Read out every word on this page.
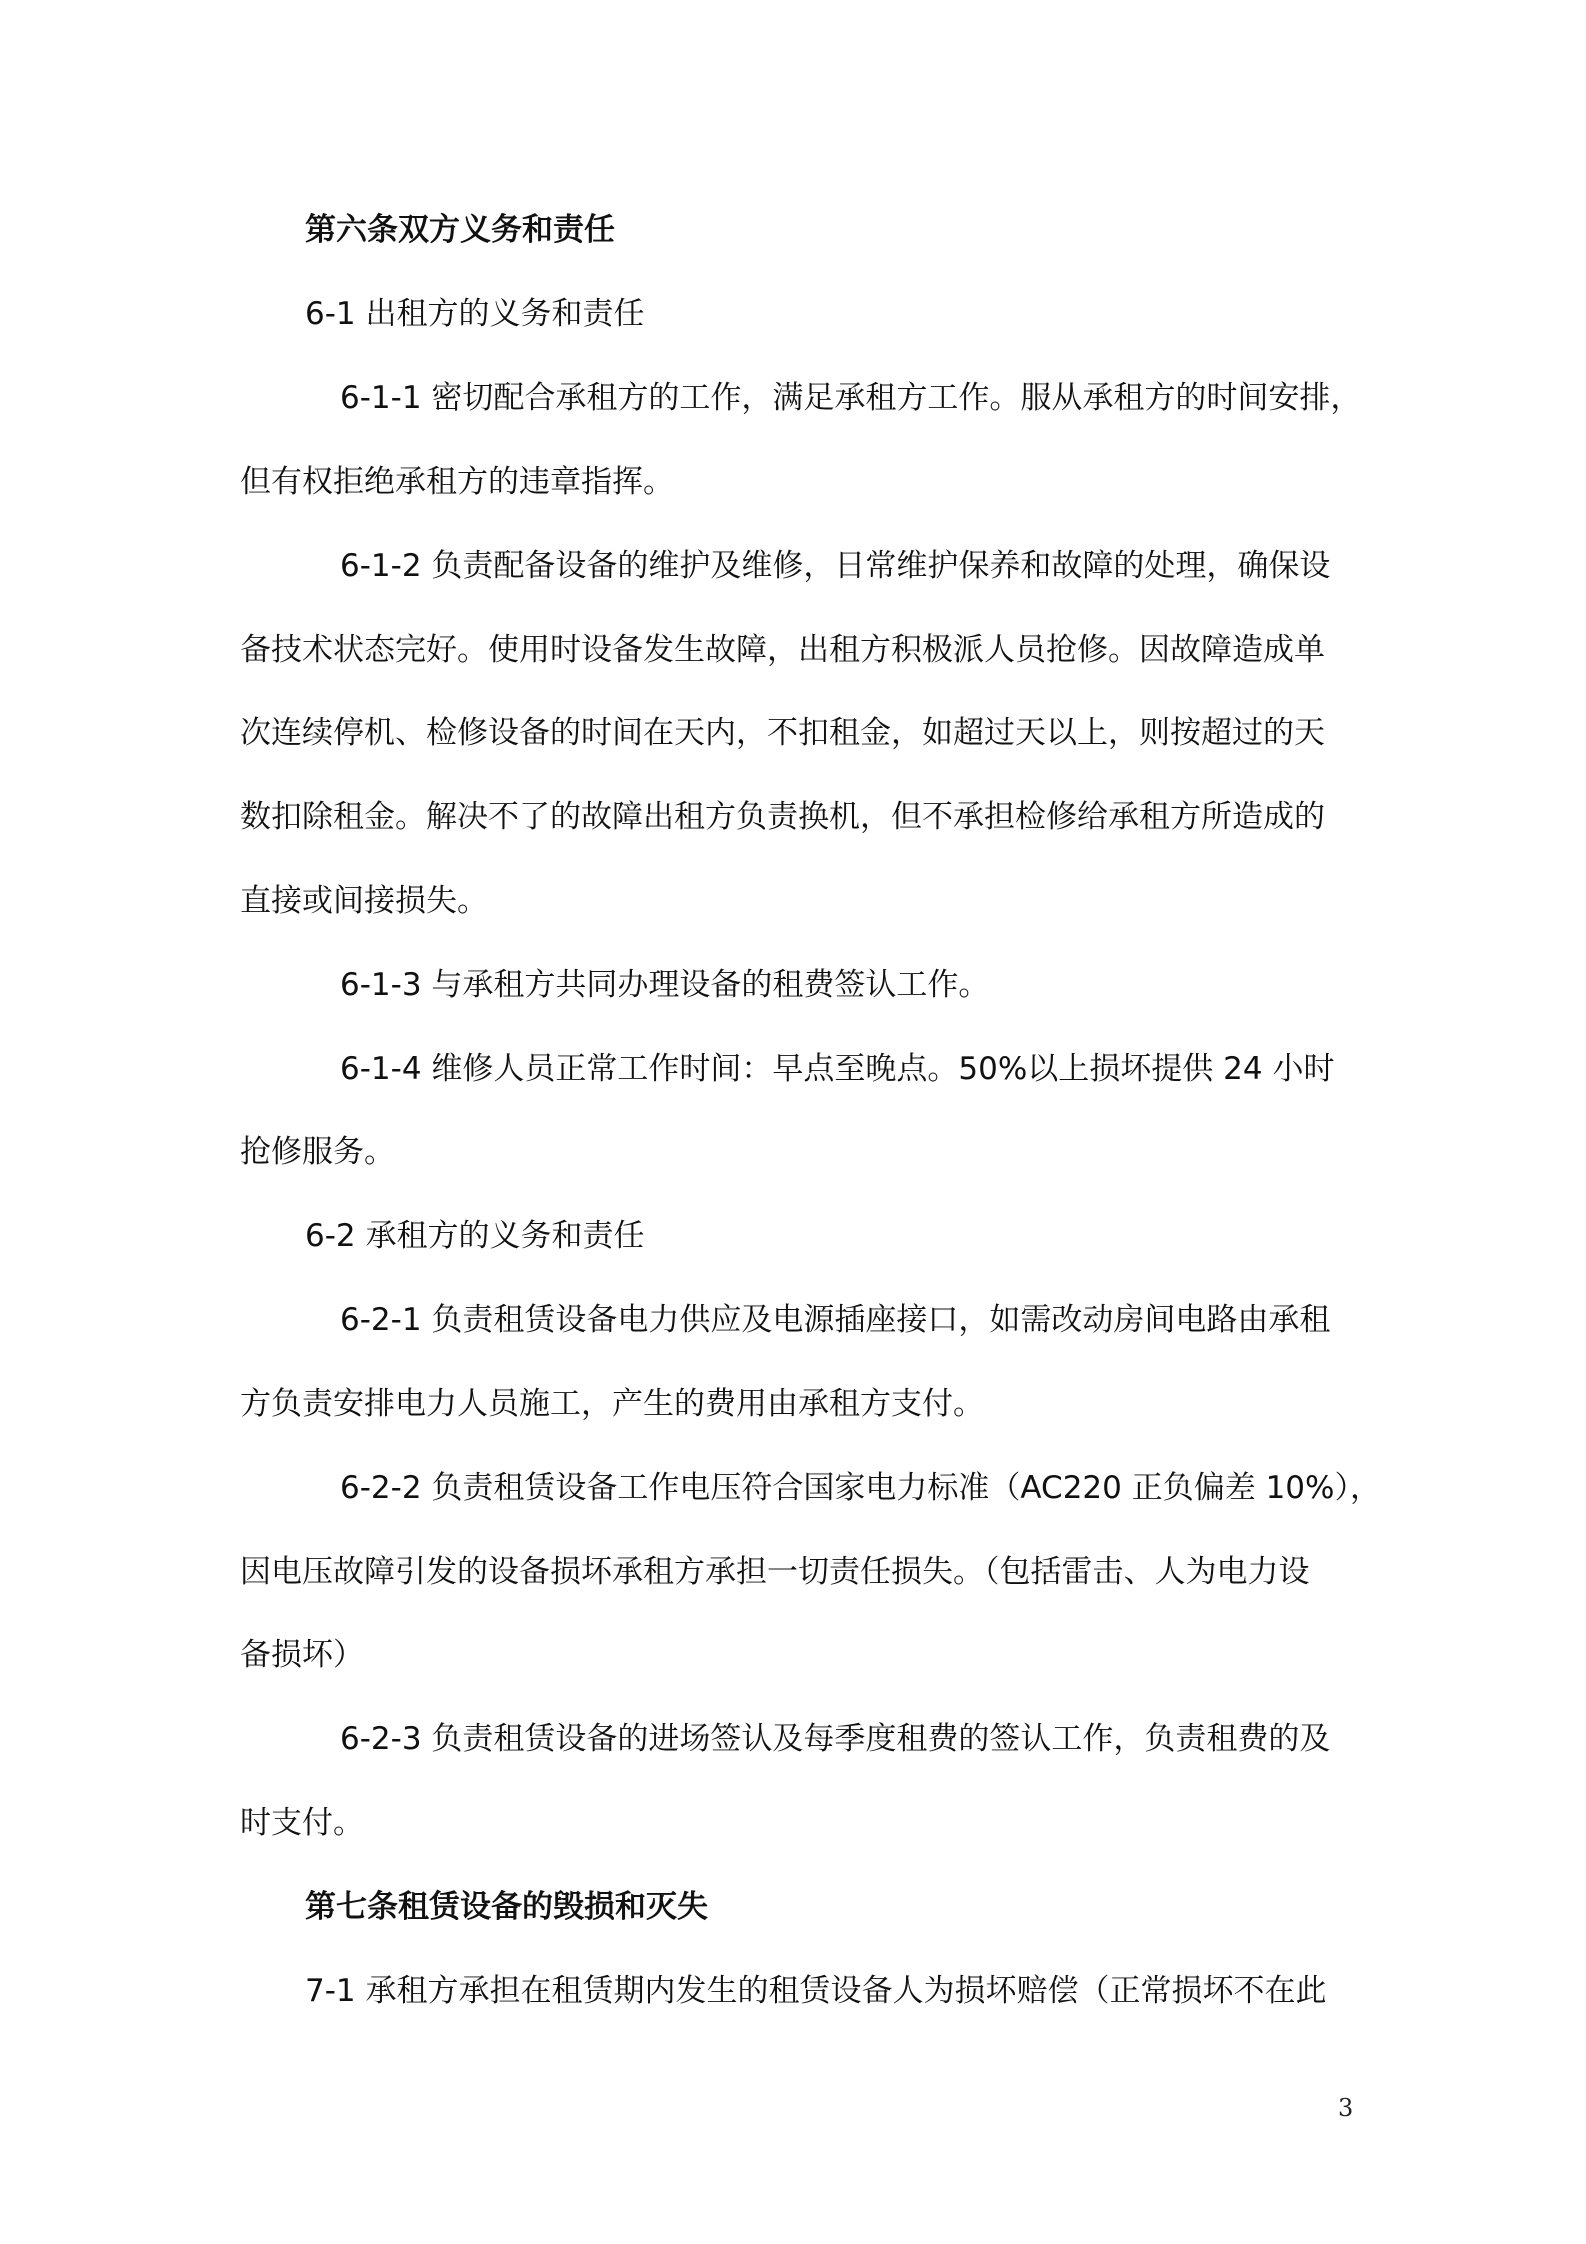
第六条双方义务和责任
6-1 出租方的义务和责任
6-1-1 密切配合承租方的工作，满足承租方工作。服从承租方的时间安排，
但有权拒绝承租方的违章指挥。
6-1-2 负责配备设备的维护及维修，日常维护保养和故障的处理，确保设
备技术状态完好。使用时设备发生故障，出租方积极派人员抢修。因故障造成单
次连续停机、检修设备的时间在天内，不扣租金，如超过天以上，则按超过的天
数扣除租金。解决不了的故障出租方负责换机，但不承担检修给承租方所造成的
直接或间接损失。
6-1-3 与承租方共同办理设备的租费签认工作。
6-1-4 维修人员正常工作时间：早点至晚点。50%以上损坏提供 24 小时
抢修服务。
6-2 承租方的义务和责任
6-2-1 负责租赁设备电力供应及电源插座接口，如需改动房间电路由承租
方负责安排电力人员施工，产生的费用由承租方支付。
6-2-2 负责租赁设备工作电压符合国家电力标准（AC220 正负偏差 10%），
因电压故障引发的设备损坏承租方承担一切责任损失。（包括雷击、人为电力设
备损坏）
6-2-3 负责租赁设备的进场签认及每季度租费的签认工作，负责租费的及
时支付。
第七条租赁设备的毁损和灭失
7-1 承租方承担在租赁期内发生的租赁设备人为损坏赔偿（正常损坏不在此
3
